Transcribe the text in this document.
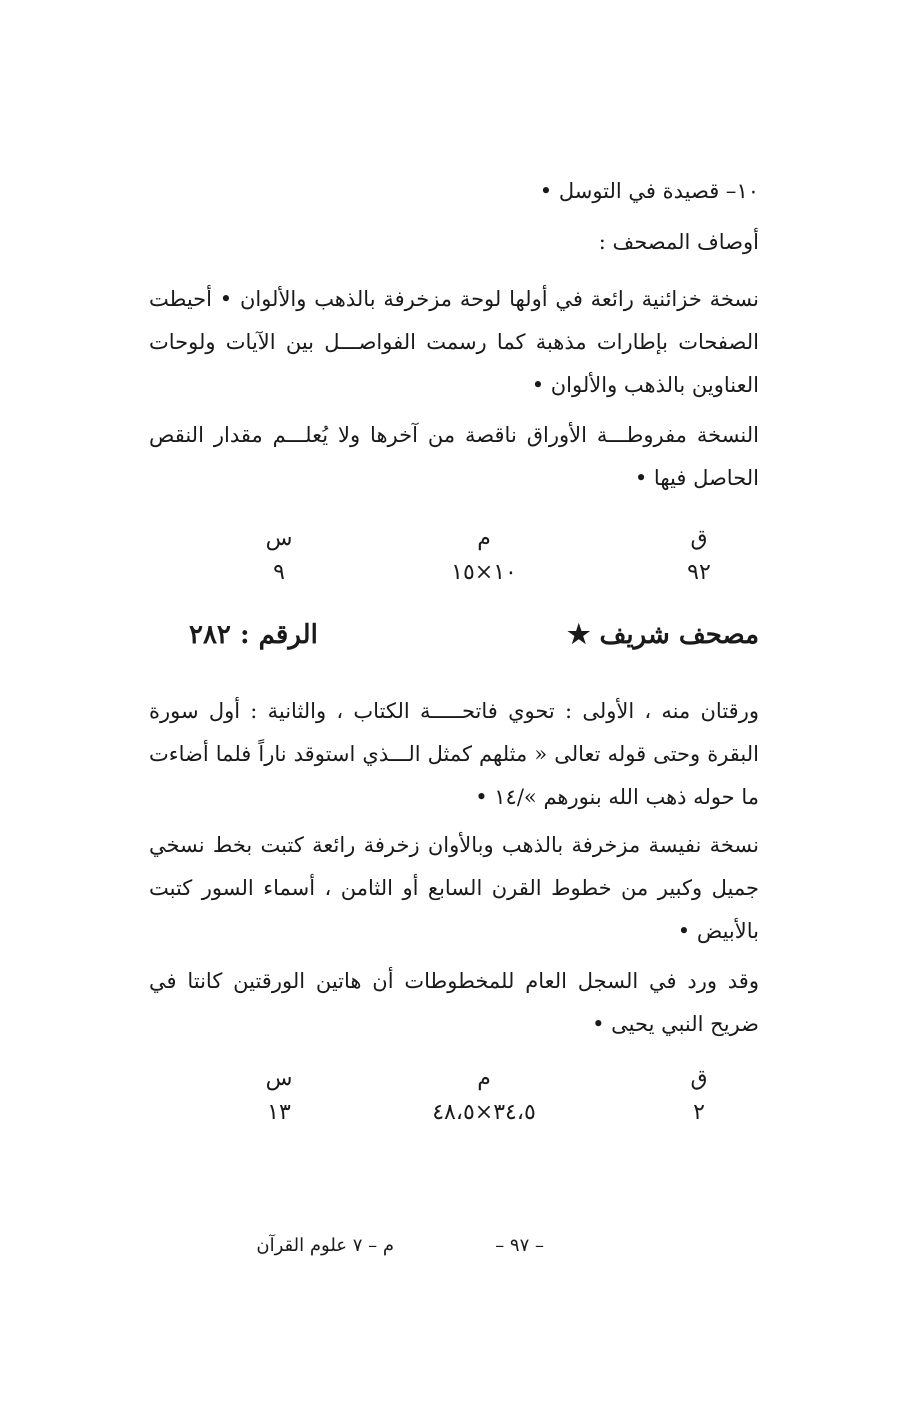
١٠– قصيدة في التوسل •
أوصاف المصحف :
نسخة خزائنية رائعة في أولها لوحة مزخرفة بالذهب والألوان • أحيطت الصفحات بإطارات مذهبة كما رسمت الفواصـــل بين الآيات ولوحات العناوين بالذهب والألوان •
النسخة مفروطـــة الأوراق ناقصة من آخرها ولا يُعلـــم مقدار النقص الحاصل فيها •
ق
م
س
٩٢
١٠×١٥
٩
مصحف شريف ★
الرقم : ٢٨٢
ورقتان منه ، الأولى : تحوي فاتحـــــة الكتاب ، والثانية : أول سورة البقرة وحتى قوله تعالى « مثلهم كمثل الـــذي استوقد ناراً فلما أضاءت ما حوله ذهب الله بنورهم »/١٤ •
نسخة نفيسة مزخرفة بالذهب وبالأوان زخرفة رائعة كتبت بخط نسخي جميل وكبير من خطوط القرن السابع أو الثامن ، أسماء السور كتبت بالأبيض •
وقد ورد في السجل العام للمخطوطات أن هاتين الورقتين كانتا في ضريح النبي يحيى •
ق
م
س
٢
٣٤،٥×٤٨،٥
١٣
– ٩٧ –
م – ٧ علوم القرآن
